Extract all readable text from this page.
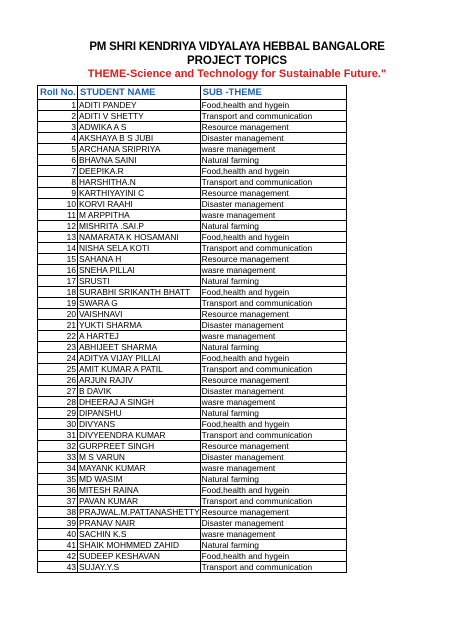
PM SHRI KENDRIYA VIDYALAYA HEBBAL BANGALORE
PROJECT TOPICS
THEME-Science and Technology for Sustainable Future."
Roll No.	STUDENT NAME	SUB -THEME
1	ADITI PANDEY	Food,health and hygein
2	ADITI V SHETTY	Transport and communication
3	ADWIKA A S	Resource management
4	AKSHAYA B S JUBI	Disaster management
5	ARCHANA SRIPRIYA	wasre management
6	BHAVNA SAINI	Natural farming
7	DEEPIKA.R	Food,health and hygein
8	HARSHITHA.N	Transport and communication
9	KARTHIYAYINI C	Resource management
10	KORVI RAAHI	Disaster management
11	M ARPPITHA	wasre management
12	MISHRITA .SAI.P	Natural farming
13	NAMARATA K HOSAMANI	Food,health and hygein
14	NISHA SELA KOTI	Transport and communication
15	SAHANA H	Resource management
16	SNEHA PILLAI	wasre management
17	SRUSTI	Natural farming
18	SURABHI SRIKANTH BHATT	Food,health and hygein
19	SWARA G	Transport and communication
20	VAISHNAVI	Resource management
21	YUKTI SHARMA	Disaster management
22	A HARTEJ	wasre management
23	ABHIJEET SHARMA	Natural farming
24	ADITYA VIJAY PILLAI	Food,health and hygein
25	AMIT KUMAR A PATIL	Transport and communication
26	ARJUN RAJIV	Resource management
27	B DAVIK	Disaster management
28	DHEERAJ A SINGH	wasre management
29	DIPANSHU	Natural farming
30	DIVYANS	Food,health and hygein
31	DIVYEENDRA KUMAR	Transport and communication
32	GURPREET SINGH	Resource management
33	M S VARUN	Disaster management
34	MAYANK KUMAR	wasre management
35	MD WASIM	Natural farming
36	MITESH RAINA	Food,health and hygein
37	PAVAN KUMAR	Transport and communication
38	PRAJWAL.M.PATTANASHETTY	Resource management
39	PRANAV NAIR	Disaster management
40	SACHIN K.S	wasre management
41	SHAIK MOHMMED ZAHID	Natural farming
42	SUDEEP KESHAVAN	Food,health and hygein
43	SUJAY.Y.S	Transport and communication
